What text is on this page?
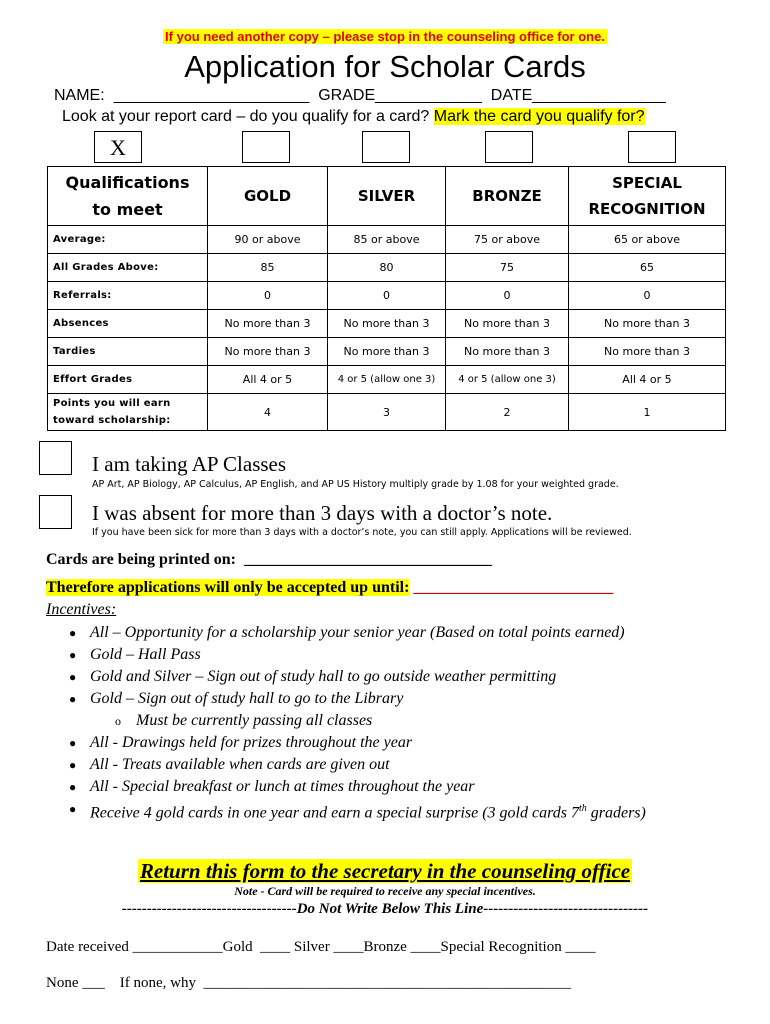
If you need another copy – please stop in the counseling office for one.
Application for Scholar Cards
NAME:  ______________________  GRADE____________  DATE_______________
Look at your report card – do you qualify for a card? Mark the card you qualify for?
X
Qualifications
to meet	GOLD	SILVER	BRONZE	SPECIAL
RECOGNITION
Average:	90 or above	85 or above	75 or above	65 or above
All Grades Above:	85	80	75	65
Referrals:	0	0	0	0
Absences	No more than 3	No more than 3	No more than 3	No more than 3
Tardies	No more than 3	No more than 3	No more than 3	No more than 3
Effort Grades	All 4 or 5	4 or 5 (allow one 3)	4 or 5 (allow one 3)	All 4 or 5
Points you will earn
toward scholarship:	4	3	2	1
I am taking AP Classes
AP Art, AP Biology, AP Calculus, AP English, and AP US History multiply grade by 1.08 for your weighted grade.
I was absent for more than 3 days with a doctor’s note.
If you have been sick for more than 3 days with a doctor’s note, you can still apply. Applications will be reviewed.
Cards are being printed on:  _______________________________
Therefore applications will only be accepted up until: _________________________
Incentives:
● All – Opportunity for a scholarship your senior year (Based on total points earned)
● Gold – Hall Pass
● Gold and Silver – Sign out of study hall to go outside weather permitting
● Gold – Sign out of study hall to go to the Library
o Must be currently passing all classes
● All - Drawings held for prizes throughout the year
● All - Treats available when cards are given out
● All - Special breakfast or lunch at times throughout the year
● Receive 4 gold cards in one year and earn a special surprise (3 gold cards 7th graders)
Return this form to the secretary in the counseling office
Note - Card will be required to receive any special incentives.
-----------------------------------Do Not Write Below This Line---------------------------------
Date received ____________Gold  ____ Silver ____Bronze ____Special Recognition ____
None ___    If none, why  _________________________________________________
